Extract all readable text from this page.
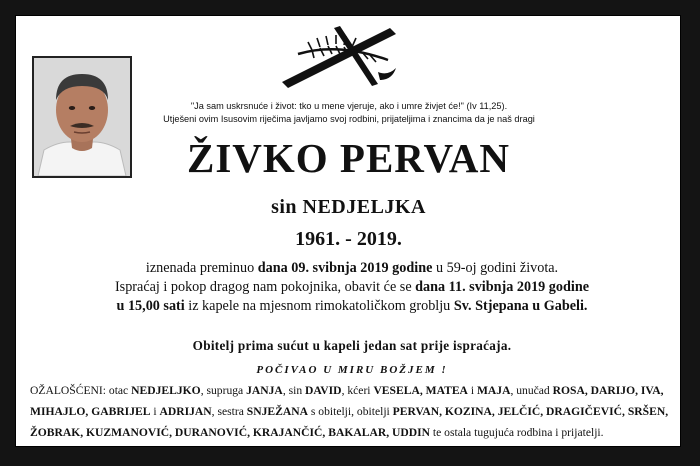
"Ja sam uskrsnuće i život: tko u mene vjeruje, ako i umre živjet će!" (Iv 11,25).
Utješeni ovim Isusovim riječima javljamo svoj rodbini, prijateljima i znancima da je naš dragi
ŽIVKO PERVAN
sin NEDJELJKA
1961. - 2019.
iznenada preminuo dana 09. svibnja 2019 godine u 59-oj godini života.
Ispraćaj i pokop dragog nam pokojnika, obavit će se dana 11. svibnja 2019 godine
u 15,00 sati iz kapele na mjesnom rimokatoličkom groblju Sv. Stjepana u Gabeli.
Obitelj prima sućut u kapeli jedan sat prije ispraćaja.
POČIVAO U MIRU BOŽJEM !
OŽALOŠĆENI: otac NEDJELJKO, supruga JANJA, sin DAVID, kćeri VESELA, MATEA i MAJA, unučad ROSA, DARIJO, IVA,
MIHAJLO, GABRIJEL i ADRIJAN, sestra SNJEŽANA s obitelji, obitelji PERVAN, KOZINA, JELČIĆ, DRAGIČEVIĆ, SRŠEN,
ŽOBRAK, KUZMANOVIĆ, DURANOVIĆ, KRAJANČIĆ, BAKALAR, UDDIN te ostala tugujuća rodbina i prijatelji.
